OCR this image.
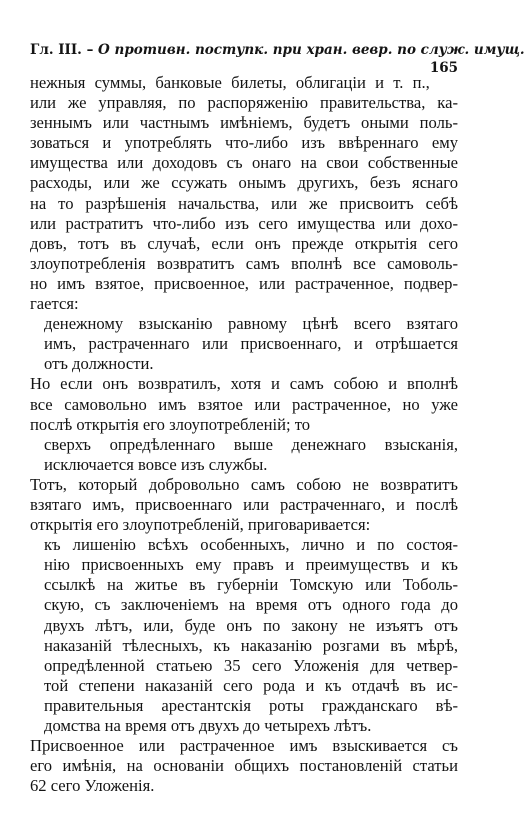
Гл. III. – О противн. поступк. при хран. вевр. по служ. имущ.
165
нежныя суммы, банковые билеты, облигаціи и т. п.,
или же управляя, по распоряженію правительства, ка-
зеннымъ или частнымъ имѣніемъ, будетъ оными поль-
зоваться и употреблять что-либо изъ ввѣреннаго ему
имущества или доходовъ съ онаго на свои собственные
расходы, или же ссужать онымъ другихъ, безъ яснаго
на то разрѣшенія начальства, или же присвоитъ себѣ
или растратитъ что-либо изъ сего имущества или дохо-
довъ, тотъ въ случаѣ, если онъ прежде открытія сего
злоупотребленія возвратитъ самъ вполнѣ все самоволь-
но имъ взятое, присвоенное, или растраченное, подвер-
гается:
денежному взысканію равному цѣнѣ всего взятаго
имъ, растраченнаго или присвоеннаго, и отрѣшается
отъ должности.
Но если онъ возвратилъ, хотя и самъ собою и вполнѣ
все самовольно имъ взятое или растраченное, но уже
послѣ открытія его злоупотребленій; то
сверхъ опредѣленнаго выше денежнаго взысканія,
исключается вовсе изъ службы.
Тотъ, который добровольно самъ собою не возвратитъ
взятаго имъ, присвоеннаго или растраченнаго, и послѣ
открытія его злоупотребленій, приговаривается:
къ лишенію всѣхъ особенныхъ, лично и по состоя-
нію присвоенныхъ ему правъ и преимуществъ и къ
ссылкѣ на житье въ губерніи Томскую или Тоболь-
скую, съ заключеніемъ на время отъ одного года до
двухъ лѣтъ, или, буде онъ по закону не изъятъ отъ
наказаній тѣлесныхъ, къ наказанію розгами въ мѣрѣ,
опредѣленной статьею 35 сего Уложенія для четвер-
той степени наказаній сего рода и къ отдачѣ въ ис-
правительныя арестантскія роты гражданскаго вѣ-
домства на время отъ двухъ до четырехъ лѣтъ.
Присвоенное или растраченное имъ взыскивается съ
его имѣнія, на основаніи общихъ постановленій статьи
62 сего Уложенія.
